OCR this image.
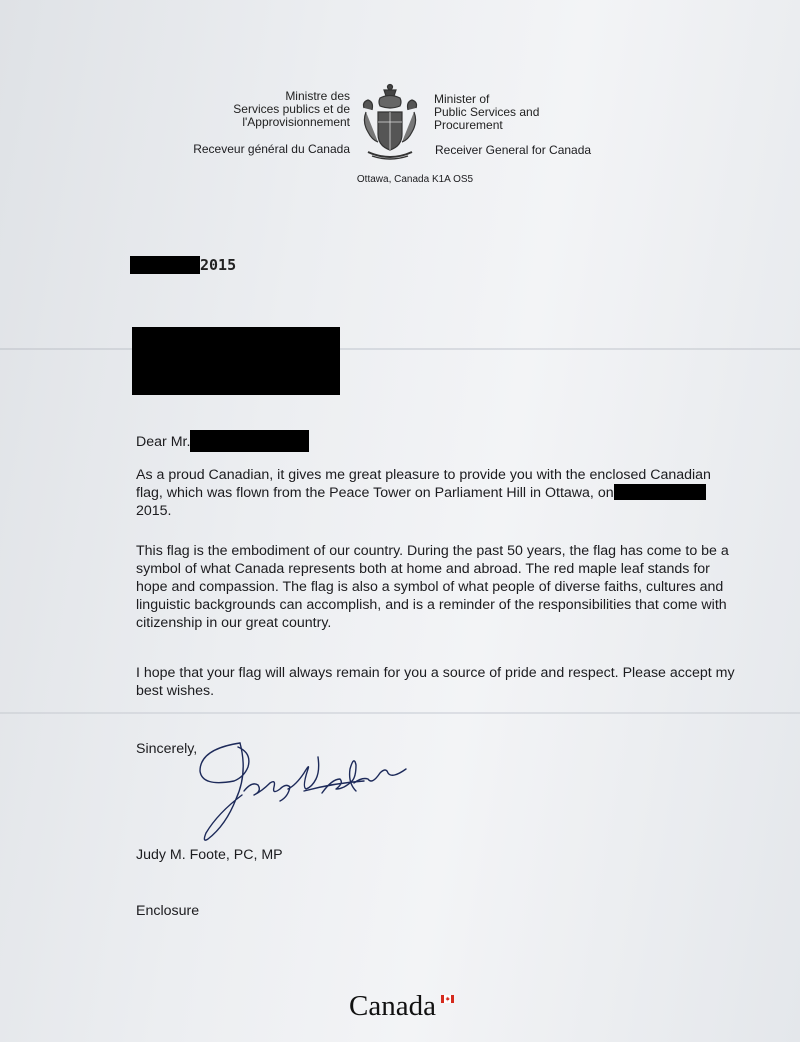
Ministre des
Services publics et de
l'Approvisionnement
Minister of
Public Services and
Procurement
Receveur général du Canada	Receiver General for Canada
Ottawa, Canada K1A OS5
2015
Dear Mr.
As a proud Canadian, it gives me great pleasure to provide you with the enclosed Canadian flag, which was flown from the Peace Tower on Parliament Hill in Ottawa, on2015.
This flag is the embodiment of our country. During the past 50 years, the flag has come to be a symbol of what Canada represents both at home and abroad. The red maple leaf stands for hope and compassion. The flag is also a symbol of what people of diverse faiths, cultures and linguistic backgrounds can accomplish, and is a reminder of the responsibilities that come with citizenship in our great country.
I hope that your flag will always remain for you a source of pride and respect. Please accept my best wishes.
Sincerely,
Judy M. Foote, PC, MP
Enclosure
Canada
